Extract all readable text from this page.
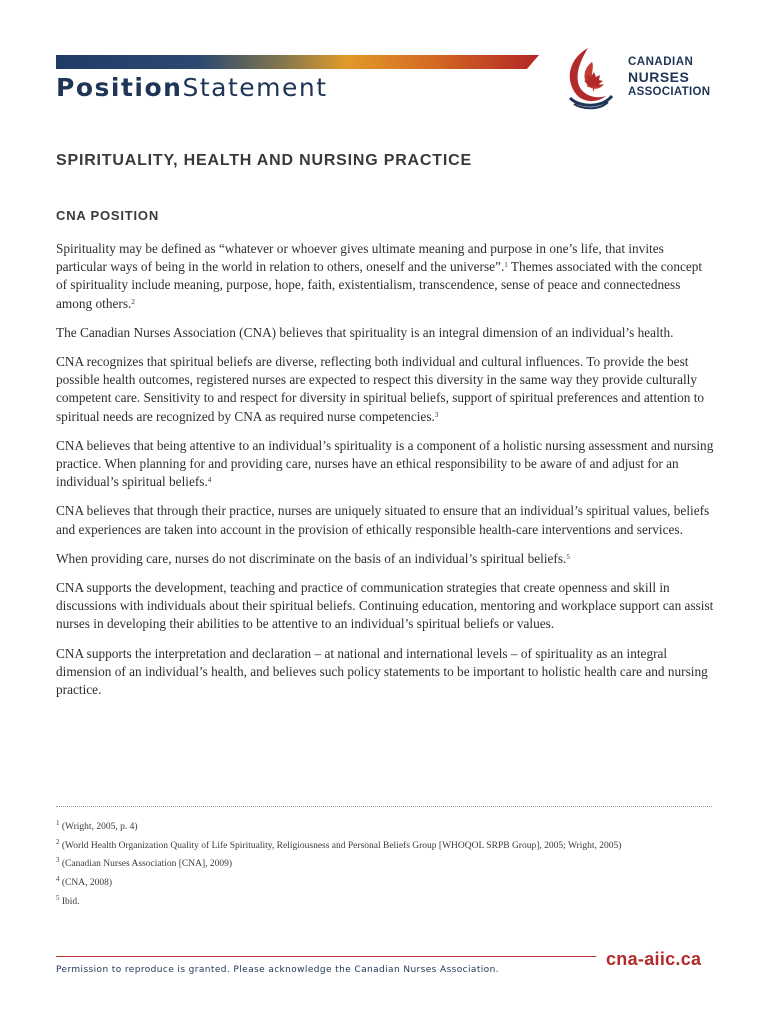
PositionStatement
CANADIAN
NURSES
ASSOCIATION
SPIRITUALITY, HEALTH AND NURSING PRACTICE
CNA POSITION

Spirituality may be defined as “whatever or whoever gives ultimate meaning and purpose in one’s life, that invites particular ways of being in the world in relation to others, oneself and the universe”.$^1$ Themes associated with the concept of spirituality include meaning, purpose, hope, faith, existentialism, transcendence, sense of peace and connectedness among others.$^2$

The Canadian Nurses Association (CNA) believes that spirituality is an integral dimension of an individual’s health.

CNA recognizes that spiritual beliefs are diverse, reflecting both individual and cultural influences. To provide the best possible health outcomes, registered nurses are expected to respect this diversity in the same way they provide culturally competent care. Sensitivity to and respect for diversity in spiritual beliefs, support of spiritual preferences and attention to spiritual needs are recognized by CNA as required nurse competencies.$^3$

CNA believes that being attentive to an individual’s spirituality is a component of a holistic nursing assessment and nursing practice. When planning for and providing care, nurses have an ethical responsibility to be aware of and adjust for an individual’s spiritual beliefs.$^4$

CNA believes that through their practice, nurses are uniquely situated to ensure that an individual’s spiritual values, beliefs and experiences are taken into account in the provision of ethically responsible health-care interventions and services.

When providing care, nurses do not discriminate on the basis of an individual’s spiritual beliefs.$^5$

CNA supports the development, teaching and practice of communication strategies that create openness and skill in discussions with individuals about their spiritual beliefs. Continuing education, mentoring and workplace support can assist nurses in developing their abilities to be attentive to an individual’s spiritual beliefs or values.

CNA supports the interpretation and declaration – at national and international levels – of spirituality as an integral dimension of an individual’s health, and believes such policy statements to be important to holistic health care and nursing practice.

$^1$ (Wright, 2005, p. 4)
$^2$ (World Health Organization Quality of Life Spirituality, Religiousness and Personal Beliefs Group [WHOQOL SRPB Group], 2005; Wright, 2005)
$^3$ (Canadian Nurses Association [CNA], 2009)
$^4$ (CNA, 2008)
$^5$ Ibid.
cna-aiic.ca
Permission to reproduce is granted. Please acknowledge the Canadian Nurses Association.
